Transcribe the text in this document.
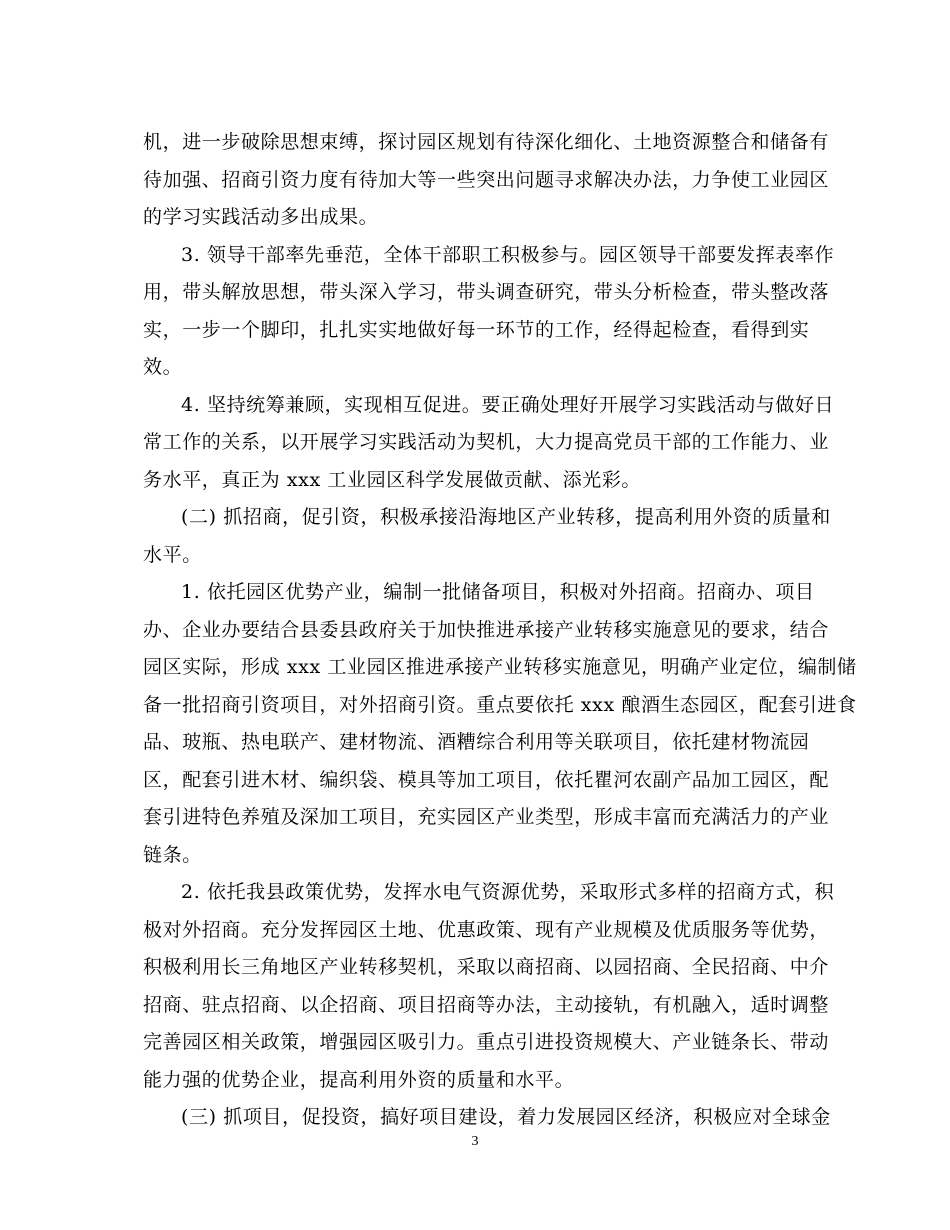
机，进一步破除思想束缚，探讨园区规划有待深化细化、土地资源整合和储备有
待加强、招商引资力度有待加大等一些突出问题寻求解决办法，力争使工业园区
的学习实践活动多出成果。
3. 领导干部率先垂范，全体干部职工积极参与。园区领导干部要发挥表率作
用，带头解放思想，带头深入学习，带头调查研究，带头分析检查，带头整改落
实，一步一个脚印，扎扎实实地做好每一环节的工作，经得起检查，看得到实
效。
4. 坚持统筹兼顾，实现相互促进。要正确处理好开展学习实践活动与做好日
常工作的关系，以开展学习实践活动为契机，大力提高党员干部的工作能力、业
务水平，真正为 xxx 工业园区科学发展做贡献、添光彩。
(二) 抓招商，促引资，积极承接沿海地区产业转移，提高利用外资的质量和
水平。
1. 依托园区优势产业，编制一批储备项目，积极对外招商。招商办、项目
办、企业办要结合县委县政府关于加快推进承接产业转移实施意见的要求，结合
园区实际，形成 xxx 工业园区推进承接产业转移实施意见，明确产业定位，编制储
备一批招商引资项目，对外招商引资。重点要依托 xxx 酿酒生态园区，配套引进食
品、玻瓶、热电联产、建材物流、酒糟综合利用等关联项目，依托建材物流园
区，配套引进木材、编织袋、模具等加工项目，依托瞿河农副产品加工园区，配
套引进特色养殖及深加工项目，充实园区产业类型，形成丰富而充满活力的产业
链条。
2. 依托我县政策优势，发挥水电气资源优势，采取形式多样的招商方式，积
极对外招商。充分发挥园区土地、优惠政策、现有产业规模及优质服务等优势，
积极利用长三角地区产业转移契机，采取以商招商、以园招商、全民招商、中介
招商、驻点招商、以企招商、项目招商等办法，主动接轨，有机融入，适时调整
完善园区相关政策，增强园区吸引力。重点引进投资规模大、产业链条长、带动
能力强的优势企业，提高利用外资的质量和水平。
(三) 抓项目，促投资，搞好项目建设，着力发展园区经济，积极应对全球金
3
